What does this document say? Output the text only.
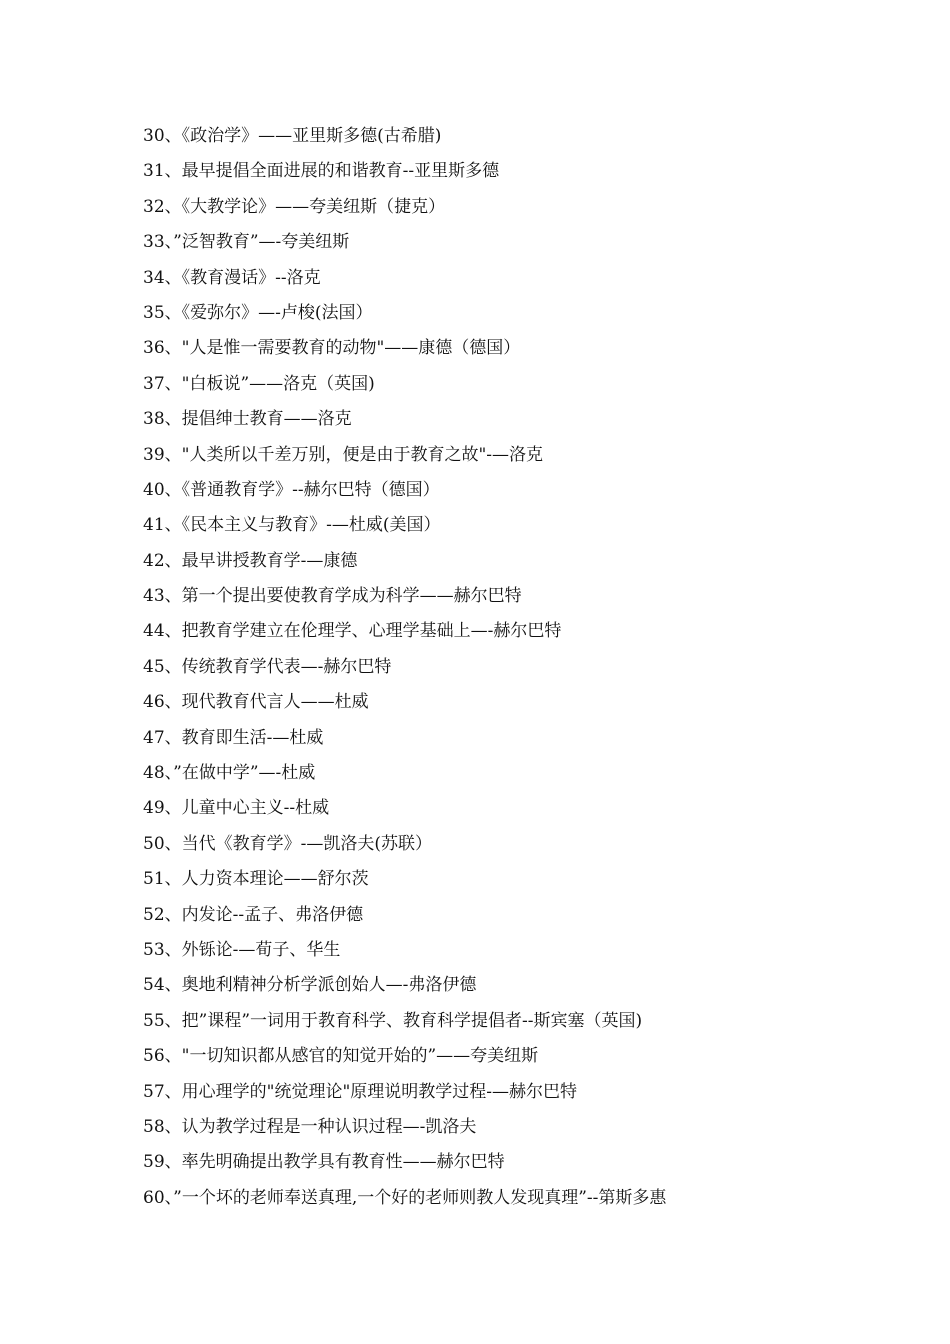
30、《政治学》——亚里斯多德(古希腊)
31、最早提倡全面进展的和谐教育--亚里斯多德
32、《大教学论》——夸美纽斯（捷克）
33、”泛智教育”—-夸美纽斯
34、《教育漫话》--洛克
35、《爱弥尔》—-卢梭(法国）
36、"人是惟一需要教育的动物"——康德（德国）
37、"白板说”——洛克（英国)
38、提倡绅士教育——洛克
39、"人类所以千差万别，便是由于教育之故"-—洛克
40、《普通教育学》--赫尔巴特（德国）
41、《民本主义与教育》-—杜威(美国）
42、最早讲授教育学-—康德
43、第一个提出要使教育学成为科学——赫尔巴特
44、把教育学建立在伦理学、心理学基础上—-赫尔巴特
45、传统教育学代表—-赫尔巴特
46、现代教育代言人——杜威
47、教育即生活-—杜威
48、”在做中学”—-杜威
49、儿童中心主义--杜威
50、当代《教育学》-—凯洛夫(苏联）
51、人力资本理论——舒尔茨
52、内发论--孟子、弗洛伊德
53、外铄论-—荀子、华生
54、奥地利精神分析学派创始人—-弗洛伊德
55、把”课程”一词用于教育科学、教育科学提倡者--斯宾塞（英国)
56、"一切知识都从感官的知觉开始的”——夸美纽斯
57、用心理学的"统觉理论"原理说明教学过程-—赫尔巴特
58、认为教学过程是一种认识过程—-凯洛夫
59、率先明确提出教学具有教育性——赫尔巴特
60、”一个坏的老师奉送真理,一个好的老师则教人发现真理”--第斯多惠
